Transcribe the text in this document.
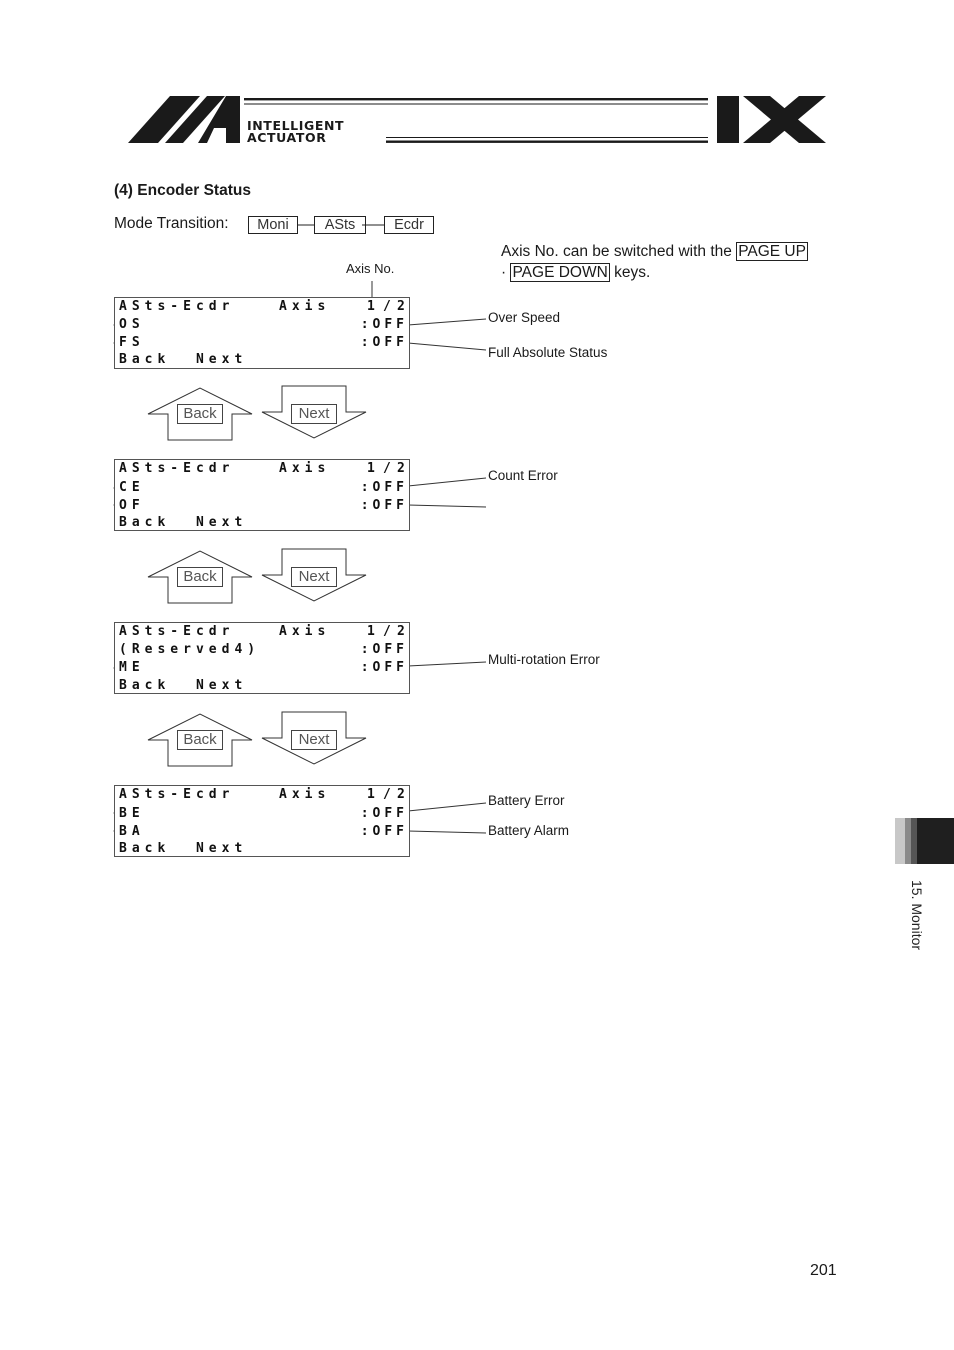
INTELLIGENT
ACTUATOR
(4) Encoder Status
Mode Transition:	Moni	ASts	Ecdr
Axis No. can be switched with the PAGE UP
· PAGE DOWN keys.
Axis No.
ASts-Ecdr	Axis	1 / 2
OS	:OFF
FS	:OFF
Back  Next
Over Speed
Full Absolute Status
Back	Next
ASts-Ecdr	Axis	1 / 2
CE	:OFF
OF	:OFF
Back  Next
Count Error
Back	Next
ASts-Ecdr	Axis	1 / 2
(Reserved4)	:OFF
ME	:OFF
Back  Next
Multi-rotation Error
Back	Next
ASts-Ecdr	Axis	1 / 2
BE	:OFF
BA	:OFF
Back  Next
Battery Error
Battery Alarm
15. Monitor
201
